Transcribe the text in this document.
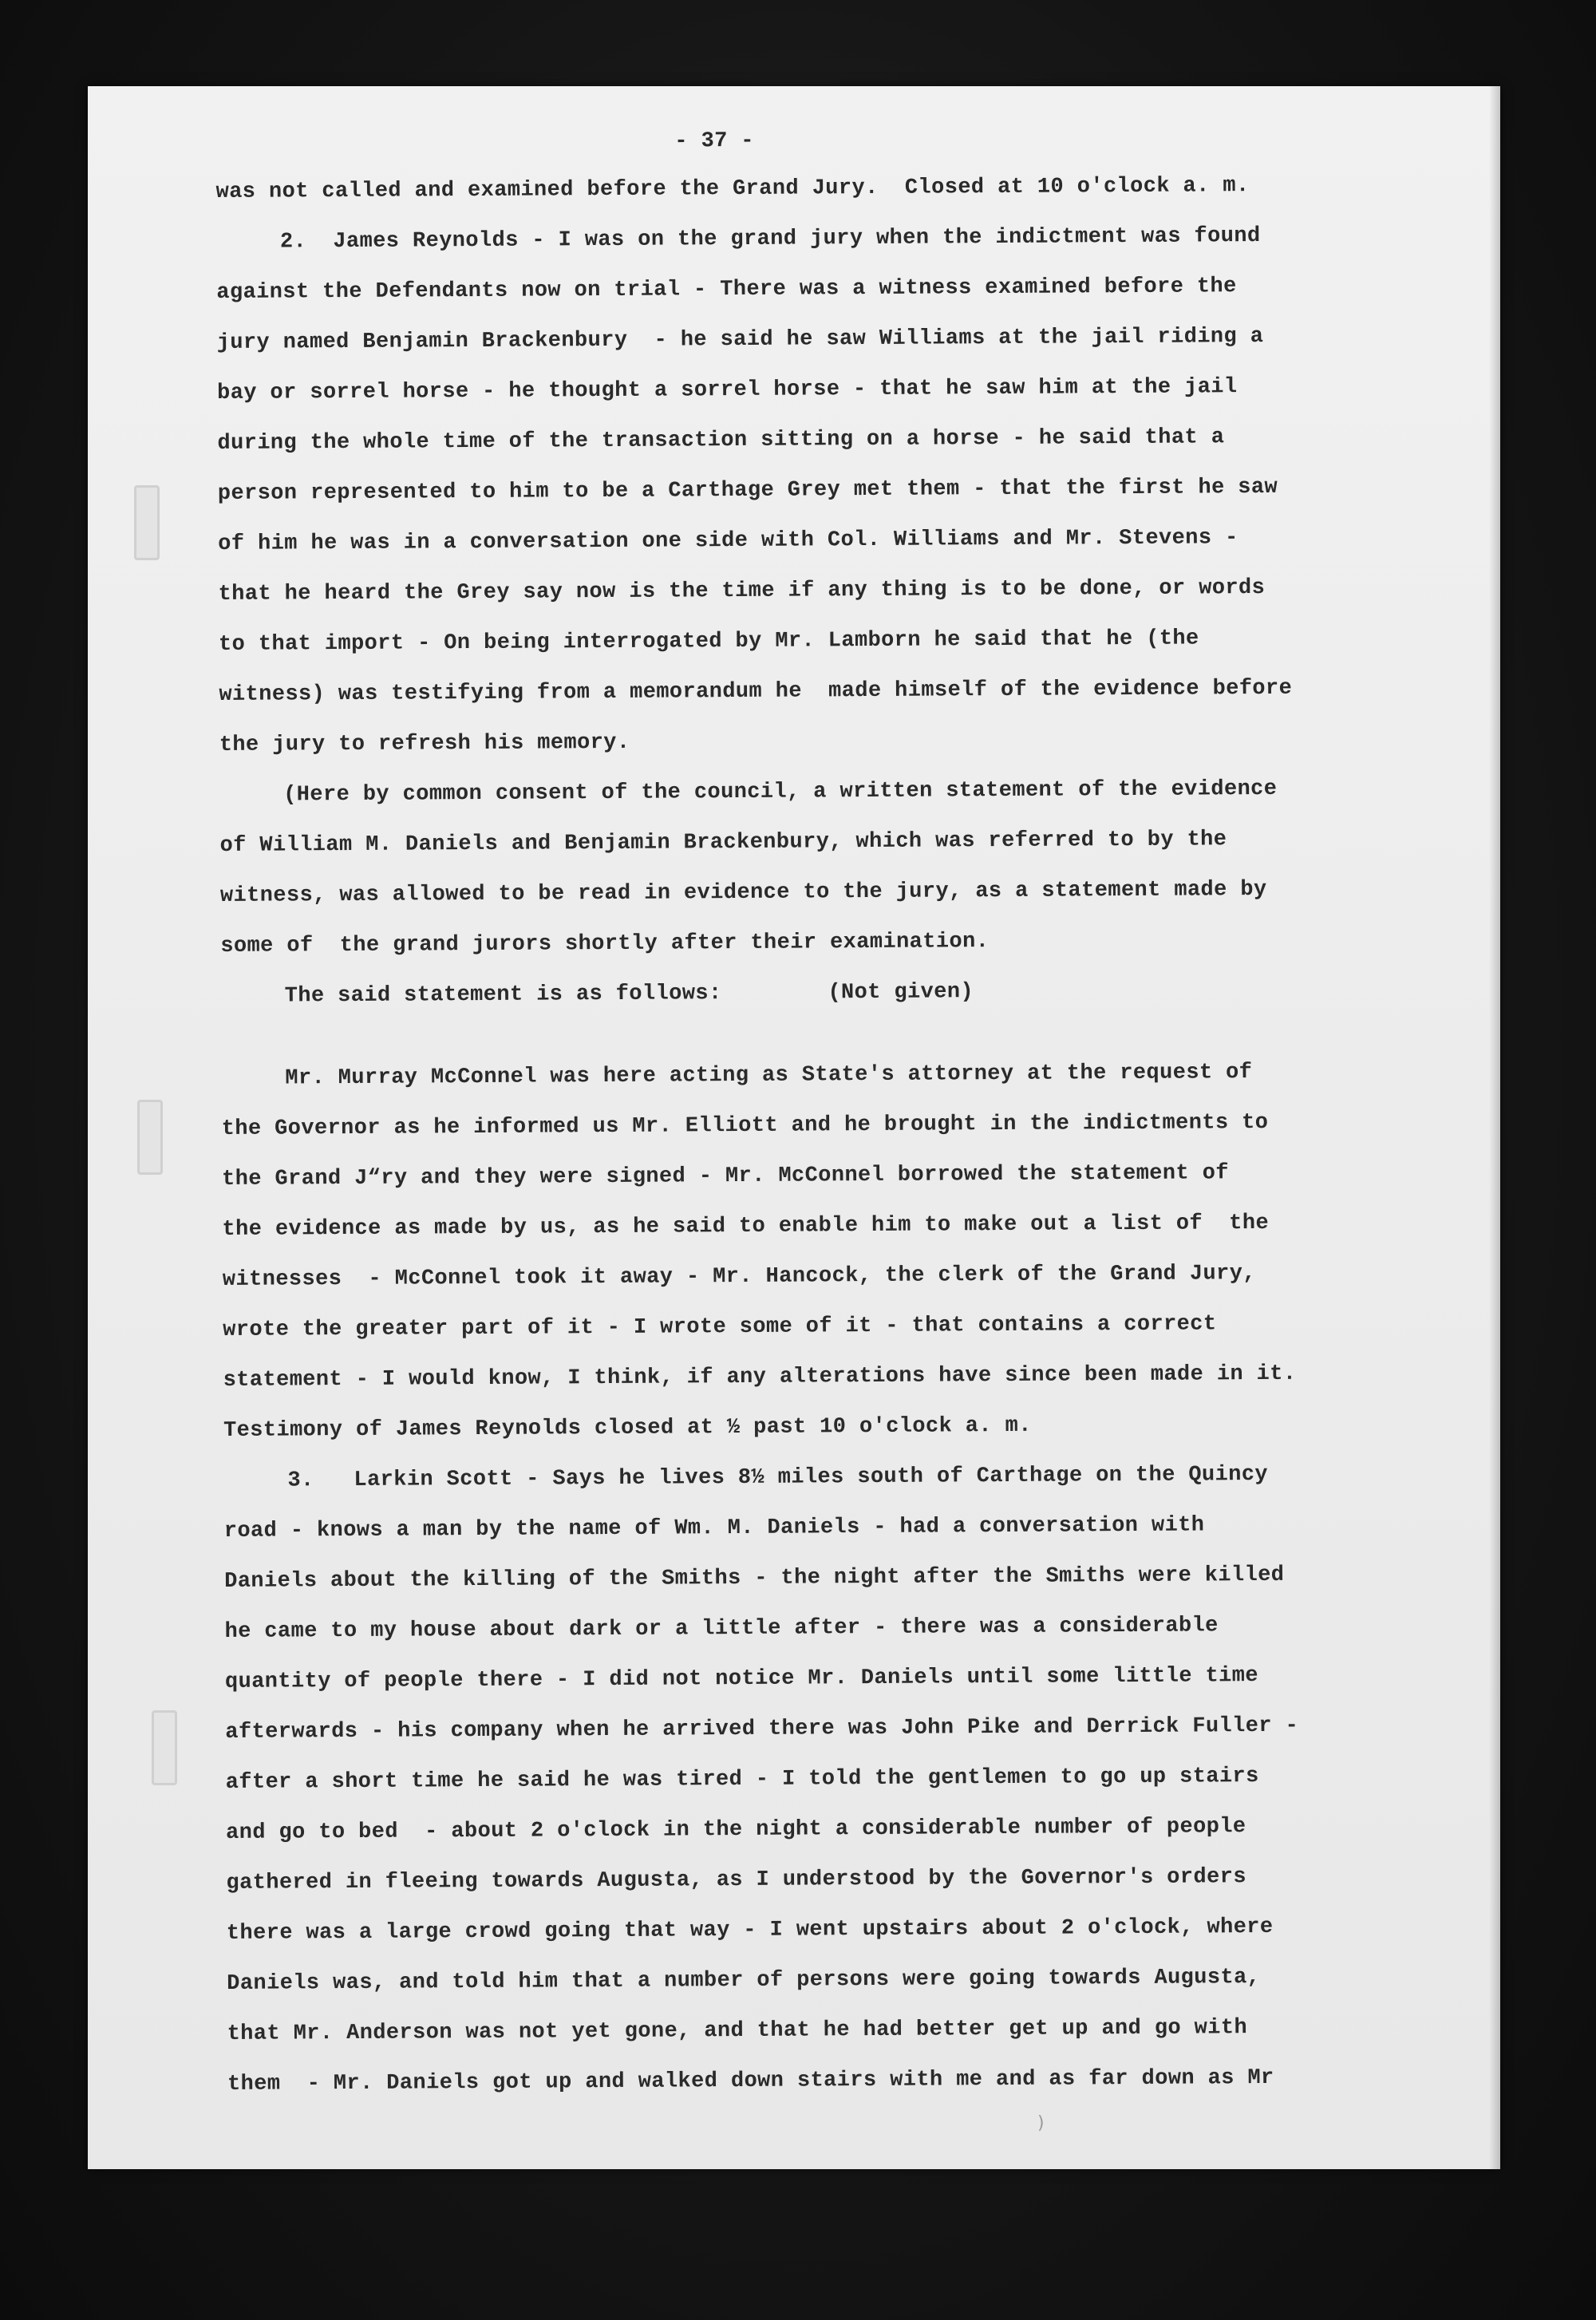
)
- 37 -
was not called and examined before the Grand Jury.  Closed at 10 o'clock a. m.
2.  James Reynolds - I was on the grand jury when the indictment was found
against the Defendants now on trial - There was a witness examined before the
jury named Benjamin Brackenbury  - he said he saw Williams at the jail riding a
bay or sorrel horse - he thought a sorrel horse - that he saw him at the jail
during the whole time of the transaction sitting on a horse - he said that a
person represented to him to be a Carthage Grey met them - that the first he saw
of him he was in a conversation one side with Col. Williams and Mr. Stevens -
that he heard the Grey say now is the time if any thing is to be done, or words
to that import - On being interrogated by Mr. Lamborn he said that he (the
witness) was testifying from a memorandum he  made himself of the evidence before
the jury to refresh his memory.
(Here by common consent of the council, a written statement of the evidence
of William M. Daniels and Benjamin Brackenbury, which was referred to by the
witness, was allowed to be read in evidence to the jury, as a statement made by
some of  the grand jurors shortly after their examination.
The said statement is as follows:        (Not given)
Mr. Murray McConnel was here acting as State's attorney at the request of
the Governor as he informed us Mr. Elliott and he brought in the indictments to
the Grand J“ry and they were signed - Mr. McConnel borrowed the statement of
the evidence as made by us, as he said to enable him to make out a list of  the
witnesses  - McConnel took it away - Mr. Hancock, the clerk of the Grand Jury,
wrote the greater part of it - I wrote some of it - that contains a correct
statement - I would know, I think, if any alterations have since been made in it.
Testimony of James Reynolds closed at ½ past 10 o'clock a. m.
3.   Larkin Scott - Says he lives 8½ miles south of Carthage on the Quincy
road - knows a man by the name of Wm. M. Daniels - had a conversation with
Daniels about the killing of the Smiths - the night after the Smiths were killed
he came to my house about dark or a little after - there was a considerable
quantity of people there - I did not notice Mr. Daniels until some little time
afterwards - his company when he arrived there was John Pike and Derrick Fuller -
after a short time he said he was tired - I told the gentlemen to go up stairs
and go to bed  - about 2 o'clock in the night a considerable number of people
gathered in fleeing towards Augusta, as I understood by the Governor's orders
there was a large crowd going that way - I went upstairs about 2 o'clock, where
Daniels was, and told him that a number of persons were going towards Augusta,
that Mr. Anderson was not yet gone, and that he had better get up and go with
them  - Mr. Daniels got up and walked down stairs with me and as far down as Mr
